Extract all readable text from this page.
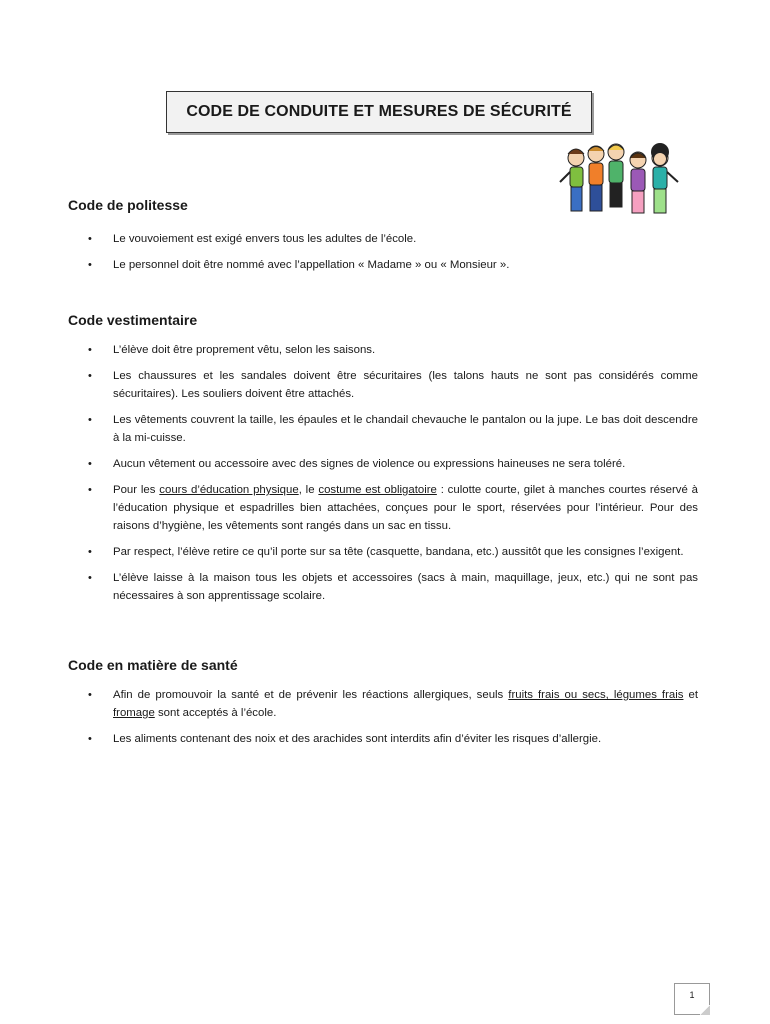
CODE DE CONDUITE ET MESURES DE SÉCURITÉ
Code de politesse
• Le vouvoiement est exigé envers tous les adultes de l’école.
• Le personnel doit être nommé avec l’appellation « Madame » ou « Monsieur ».
Code vestimentaire
• L’élève doit être proprement vêtu, selon les saisons.
• Les chaussures et les sandales doivent être sécuritaires (les talons hauts ne sont pas considérés comme sécuritaires). Les souliers doivent être attachés.
• Les vêtements couvrent la taille, les épaules et le chandail chevauche le pantalon ou la jupe. Le bas doit descendre à la mi-cuisse.
• Aucun vêtement ou accessoire avec des signes de violence ou expressions haineuses ne sera toléré.
• Pour les cours d’éducation physique, le costume est obligatoire : culotte courte, gilet à manches courtes réservé à l’éducation physique et espadrilles bien attachées, conçues pour le sport, réservées pour l’intérieur. Pour des raisons d’hygiène, les vêtements sont rangés dans un sac en tissu.
• Par respect, l’élève retire ce qu’il porte sur sa tête (casquette, bandana, etc.) aussitôt que les consignes l’exigent.
• L’élève laisse à la maison tous les objets et accessoires (sacs à main, maquillage, jeux, etc.) qui ne sont pas nécessaires à son apprentissage scolaire.
Code en matière de santé
• Afin de promouvoir la santé et de prévenir les réactions allergiques, seuls fruits frais ou secs, légumes frais et fromage sont acceptés à l’école.
• Les aliments contenant des noix et des arachides sont interdits afin d’éviter les risques d’allergie.
1
